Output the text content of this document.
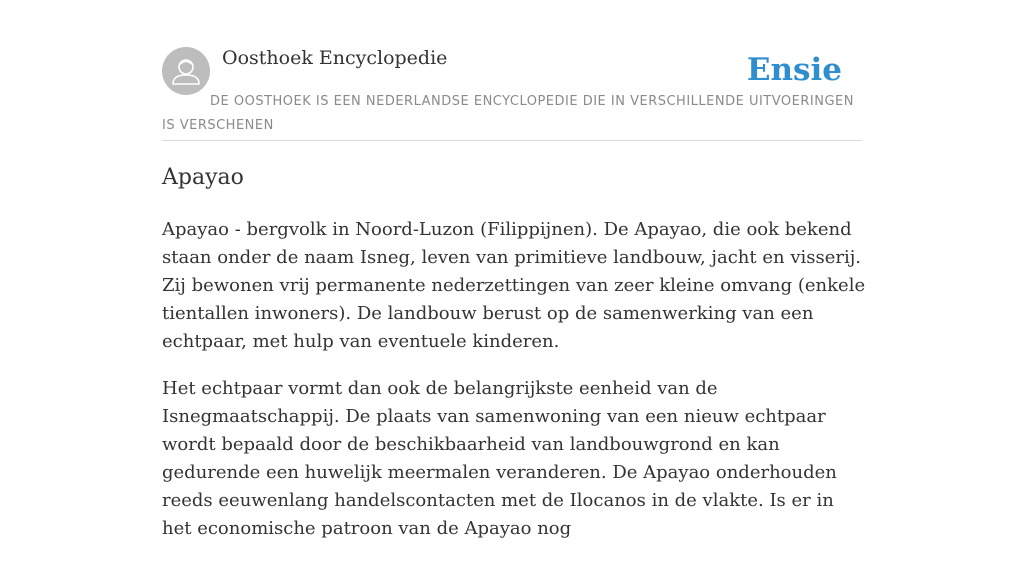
Oosthoek Encyclopedie	Ensie
DE OOSTHOEK IS EEN NEDERLANDSE ENCYCLOPEDIE DIE IN VERSCHILLENDE UITVOERINGEN IS VERSCHENEN
Apayao

Apayao - bergvolk in Noord-Luzon (Filippijnen). De Apayao, die ook bekend staan onder de naam Isneg, leven van primitieve landbouw, jacht en visserij. Zij bewonen vrij permanente nederzettingen van zeer kleine omvang (enkele tientallen inwoners). De landbouw berust op de samenwerking van een echtpaar, met hulp van eventuele kinderen.

Het echtpaar vormt dan ook de belangrijkste eenheid van de Isnegmaatschappij. De plaats van samenwoning van een nieuw echtpaar wordt bepaald door de beschikbaarheid van landbouwgrond en kan gedurende een huwelijk meermalen veranderen. De Apayao onderhouden reeds eeuwenlang handelscontacten met de Ilocanos in de vlakte. Is er in het economische patroon van de Apayao nog
